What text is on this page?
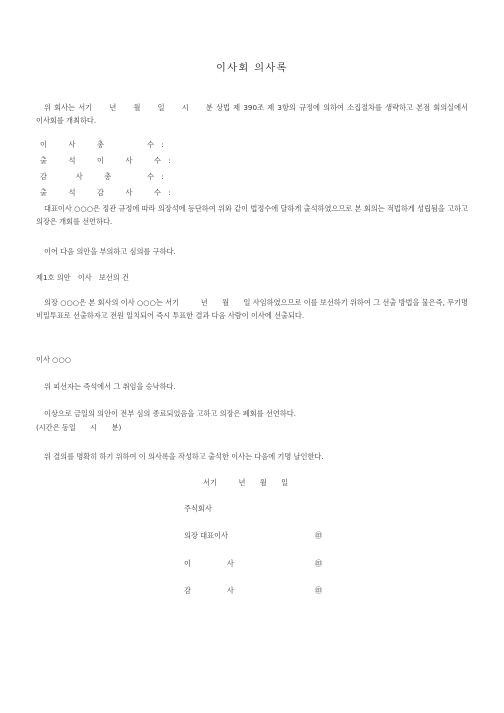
이사회 의사록
위 회사는 서기　　년　　월　　일　　시　　분 상법 제 390조 제 3항의 규정에 의하여 소집절차를 생략하고 본점 회의실에서 이사회를 개최하다.
이　　　사　　　총　　　　　　수　:
출　　　석　　　이　　　사　　　수　:
감　　　　사　　　총　　　　　수　:
출　　　석　　　감　　　사　　　수　:
대표이사 ○○○은 정관 규정에 따라 의장석에 등단하여 위와 같이 법정수에 달하게 출석하였으므로 본 회의는 적법하게 성립됨을 고하고 의장은 개회를 선언하다.
이어 다음 의안을 부의하고 심의를 구하다.
제1호 의안　이사　보선의 건
의장 ○○○은 본 회사의 이사 ○○○는 서기　　　년　　월　　일 사임하였으므로 이를 보선하기 위하여 그 선출 방법을 물은즉, 무기명 비밀투표로 선출하자고 전원 일치되어 즉시 투표한 결과 다음 사람이 이사에 선출되다.
이사 ○○○
위 피선자는 즉석에서 그 취임을 승낙하다.
이상으로 금일의 의안이 전부 심의 종료되었음을 고하고 의장은 폐회를 선언하다.
(시간은 동일　　시　　분)
위 결의를 명확히 하기 위하여 이 의사록을 작성하고 출석한 이사는 다음에 기명 날인한다.
서기　　　년　　월　　일
주식회사
의장 대표이사	㊞
이　　　　　사	㊞
감　　　　　사	㊞
